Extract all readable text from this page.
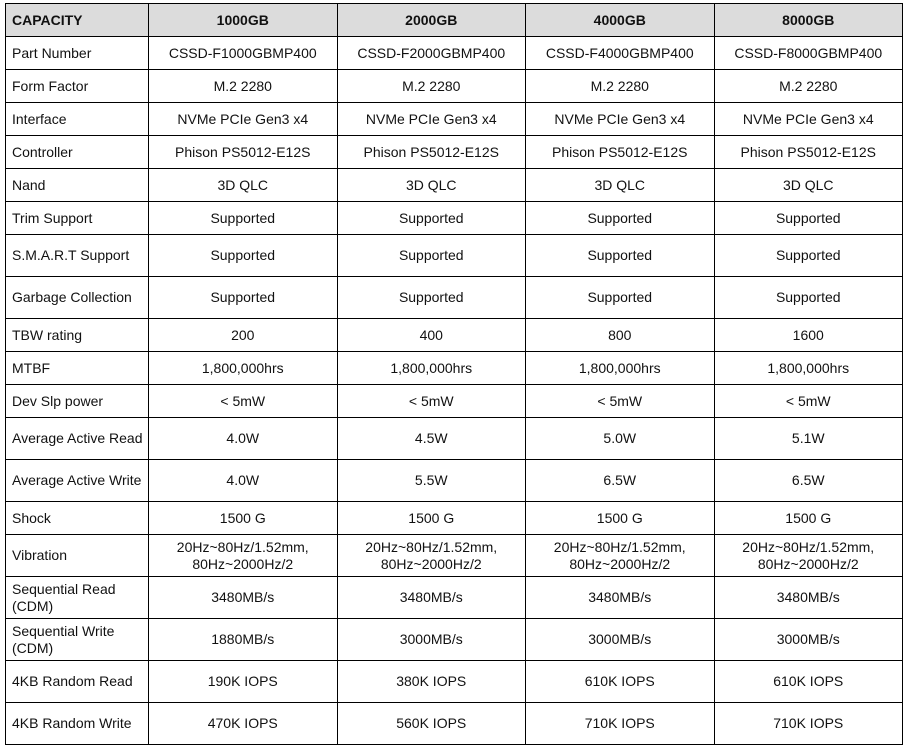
CAPACITY	1000GB	2000GB	4000GB	8000GB
Part Number	CSSD-F1000GBMP400	CSSD-F2000GBMP400	CSSD-F4000GBMP400	CSSD-F8000GBMP400
Form Factor	M.2 2280	M.2 2280	M.2 2280	M.2 2280
Interface	NVMe PCIe Gen3 x4	NVMe PCIe Gen3 x4	NVMe PCIe Gen3 x4	NVMe PCIe Gen3 x4
Controller	Phison PS5012-E12S	Phison PS5012-E12S	Phison PS5012-E12S	Phison PS5012-E12S
Nand	3D QLC	3D QLC	3D QLC	3D QLC
Trim Support	Supported	Supported	Supported	Supported
S.M.A.R.T Support	Supported	Supported	Supported	Supported
Garbage Collection	Supported	Supported	Supported	Supported
TBW rating	200	400	800	1600
MTBF	1,800,000hrs	1,800,000hrs	1,800,000hrs	1,800,000hrs
Dev Slp power	< 5mW	< 5mW	< 5mW	< 5mW
Average Active Read	4.0W	4.5W	5.0W	5.1W
Average Active Write	4.0W	5.5W	6.5W	6.5W
Shock	1500 G	1500 G	1500 G	1500 G
Vibration	20Hz~80Hz/1.52mm, 80Hz~2000Hz/2	20Hz~80Hz/1.52mm, 80Hz~2000Hz/2	20Hz~80Hz/1.52mm, 80Hz~2000Hz/2	20Hz~80Hz/1.52mm, 80Hz~2000Hz/2
Sequential Read (CDM)	3480MB/s	3480MB/s	3480MB/s	3480MB/s
Sequential Write (CDM)	1880MB/s	3000MB/s	3000MB/s	3000MB/s
4KB Random Read	190K IOPS	380K IOPS	610K IOPS	610K IOPS
4KB Random Write	470K IOPS	560K IOPS	710K IOPS	710K IOPS
